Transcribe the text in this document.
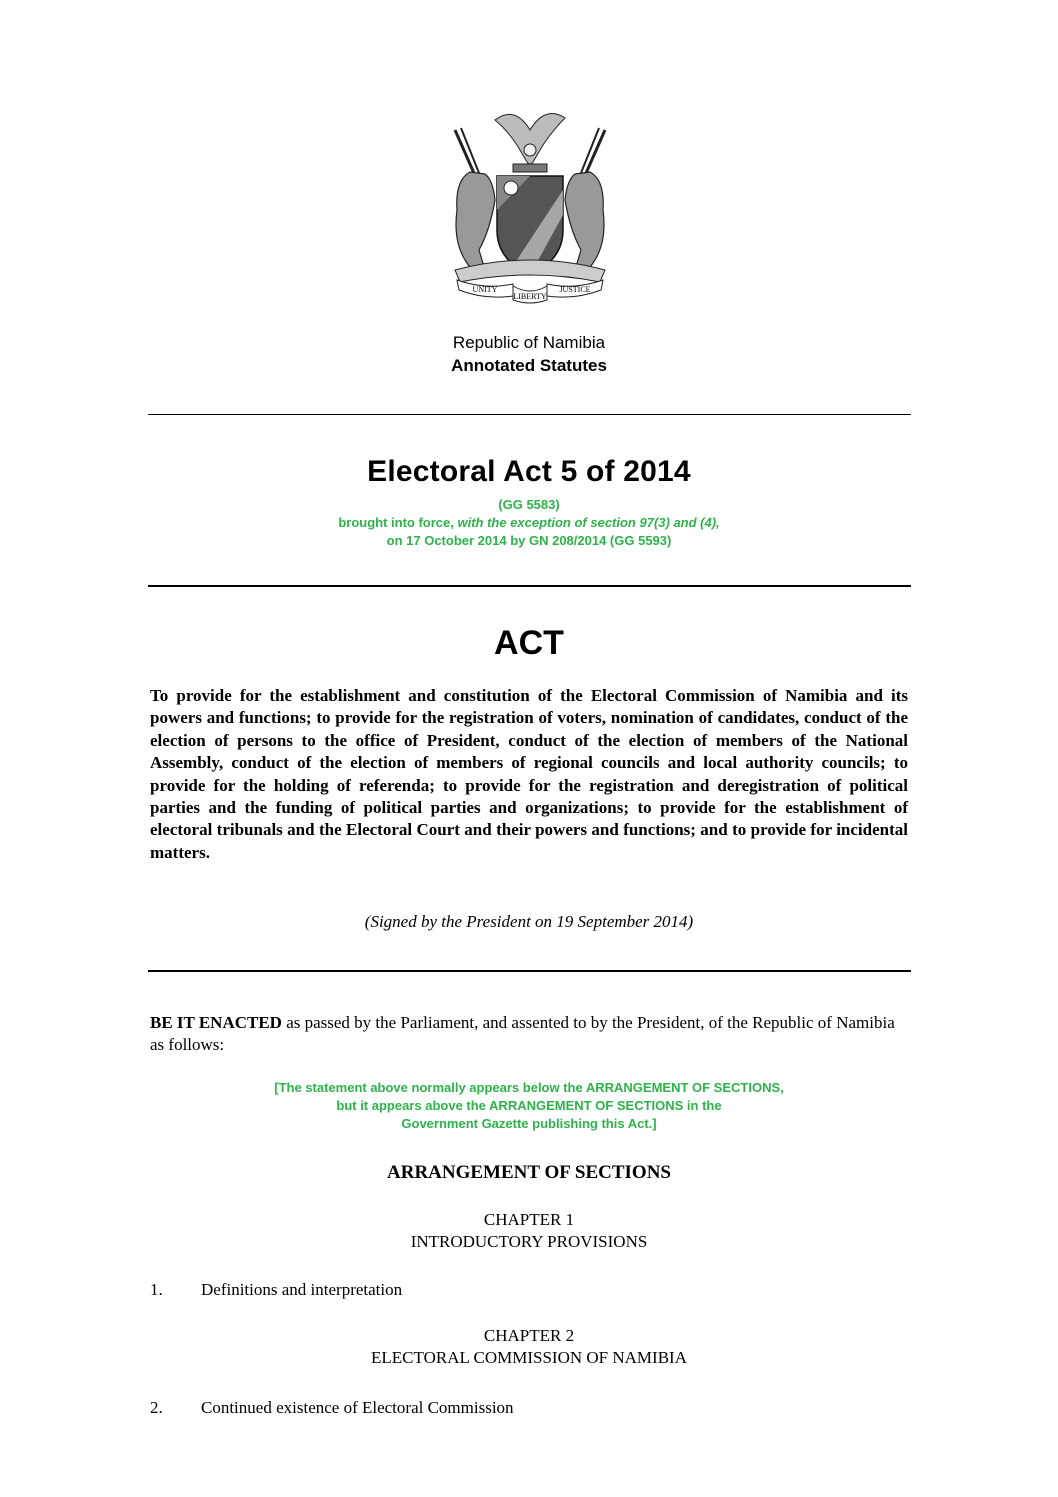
UNITY
LIBERTY
JUSTICE
Republic of Namibia
Annotated Statutes
Electoral Act 5 of 2014
(GG 5583)
brought into force, with the exception of section 97(3) and (4),
on 17 October 2014 by GN 208/2014 (GG 5593)
ACT
To provide for the establishment and constitution of the Electoral Commission of Namibia and its powers and functions; to provide for the registration of voters, nomination of candidates, conduct of the election of persons to the office of President, conduct of the election of members of the National Assembly, conduct of the election of members of regional councils and local authority councils; to provide for the holding of referenda; to provide for the registration and deregistration of political parties and the funding of political parties and organizations; to provide for the establishment of electoral tribunals and the Electoral Court and their powers and functions; and to provide for incidental matters.
(Signed by the President on 19 September 2014)
BE IT ENACTED as passed by the Parliament, and assented to by the President, of the Republic of Namibia as follows:
[The statement above normally appears below the ARRANGEMENT OF SECTIONS,
but it appears above the ARRANGEMENT OF SECTIONS in the
Government Gazette publishing this Act.]
ARRANGEMENT OF SECTIONS
CHAPTER 1
INTRODUCTORY PROVISIONS
1. Definitions and interpretation
CHAPTER 2
ELECTORAL COMMISSION OF NAMIBIA
2. Continued existence of Electoral Commission
